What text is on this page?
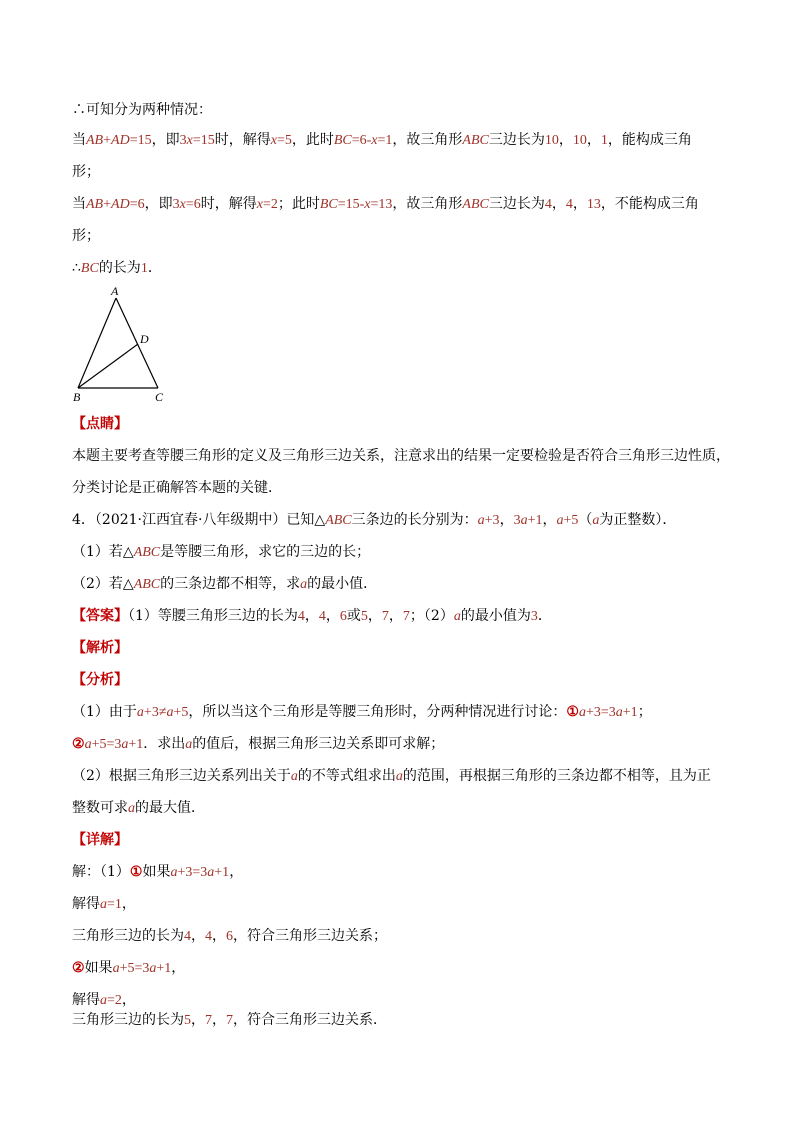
∴可知分为两种情况：
当AB+AD=15，即3x=15时，解得x=5，此时BC=6-x=1，故三角形ABC三边长为10，10，1，能构成三角
形；
当AB+AD=6，即3x=6时，解得x=2；此时BC=15-x=13，故三角形ABC三边长为4，4，13，不能构成三角
形；
∴BC的长为1．
A
D
B	C
【点睛】
本题主要考查等腰三角形的定义及三角形三边关系，注意求出的结果一定要检验是否符合三角形三边性质，
分类讨论是正确解答本题的关键．
4．（2021·江西宜春·八年级期中）已知△ABC三条边的长分别为：a+3，3a+1，a+5（a为正整数）．
（1）若△ABC是等腰三角形，求它的三边的长；
（2）若△ABC的三条边都不相等，求a的最小值．
【答案】（1）等腰三角形三边的长为4，4，6或5，7，7；（2）a的最小值为3．
【解析】
【分析】
（1）由于a+3≠a+5，所以当这个三角形是等腰三角形时，分两种情况进行讨论：①a+3=3a+1；
②a+5=3a+1．求出a的值后，根据三角形三边关系即可求解；
（2）根据三角形三边关系列出关于a的不等式组求出a的范围，再根据三角形的三条边都不相等，且为正
整数可求a的最大值．
【详解】
解：（1）①如果a+3=3a+1，
解得a=1，
三角形三边的长为4，4，6，符合三角形三边关系；
②如果a+5=3a+1，
解得a=2，
三角形三边的长为5，7，7，符合三角形三边关系．
